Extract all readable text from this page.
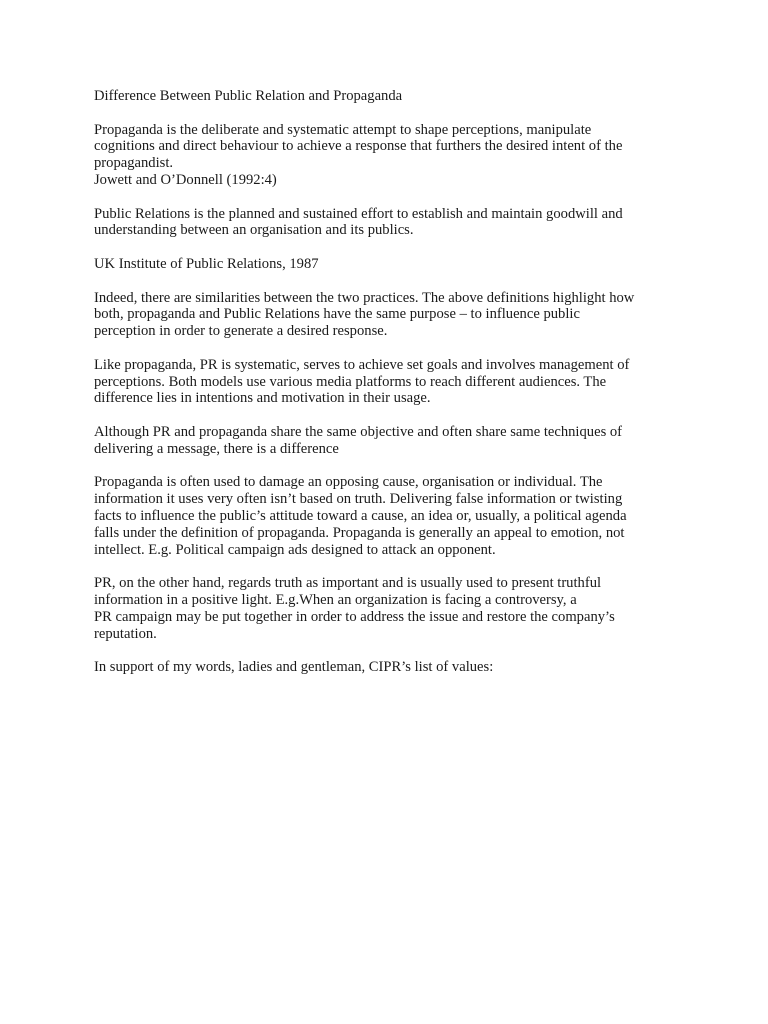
Difference Between Public Relation and Propaganda

Propaganda is the deliberate and systematic attempt to shape perceptions, manipulate
cognitions and direct behaviour to achieve a response that furthers the desired intent of the
propagandist.
Jowett and O’Donnell (1992:4)

Public Relations is the planned and sustained effort to establish and maintain goodwill and
understanding between an organisation and its publics.

UK Institute of Public Relations, 1987

Indeed, there are similarities between the two practices. The above definitions highlight how
both, propaganda and Public Relations have the same purpose – to influence public
perception in order to generate a desired response.

Like propaganda, PR is systematic, serves to achieve set goals and involves management of
perceptions. Both models use various media platforms to reach different audiences. The
difference lies in intentions and motivation in their usage.

Although PR and propaganda share the same objective and often share same techniques of
delivering a message, there is a difference

Propaganda is often used to damage an opposing cause, organisation or individual. The
information it uses very often isn’t based on truth. Delivering false information or twisting
facts to influence the public’s attitude toward a cause, an idea or, usually, a political agenda
falls under the definition of propaganda. Propaganda is generally an appeal to emotion, not
intellect. E.g. Political campaign ads designed to attack an opponent.

PR, on the other hand, regards truth as important and is usually used to present truthful
information in a positive light. E.g.When an organization is facing a controversy, a
PR campaign may be put together in order to address the issue and restore the company’s
reputation.

In support of my words, ladies and gentleman, CIPR’s list of values:
